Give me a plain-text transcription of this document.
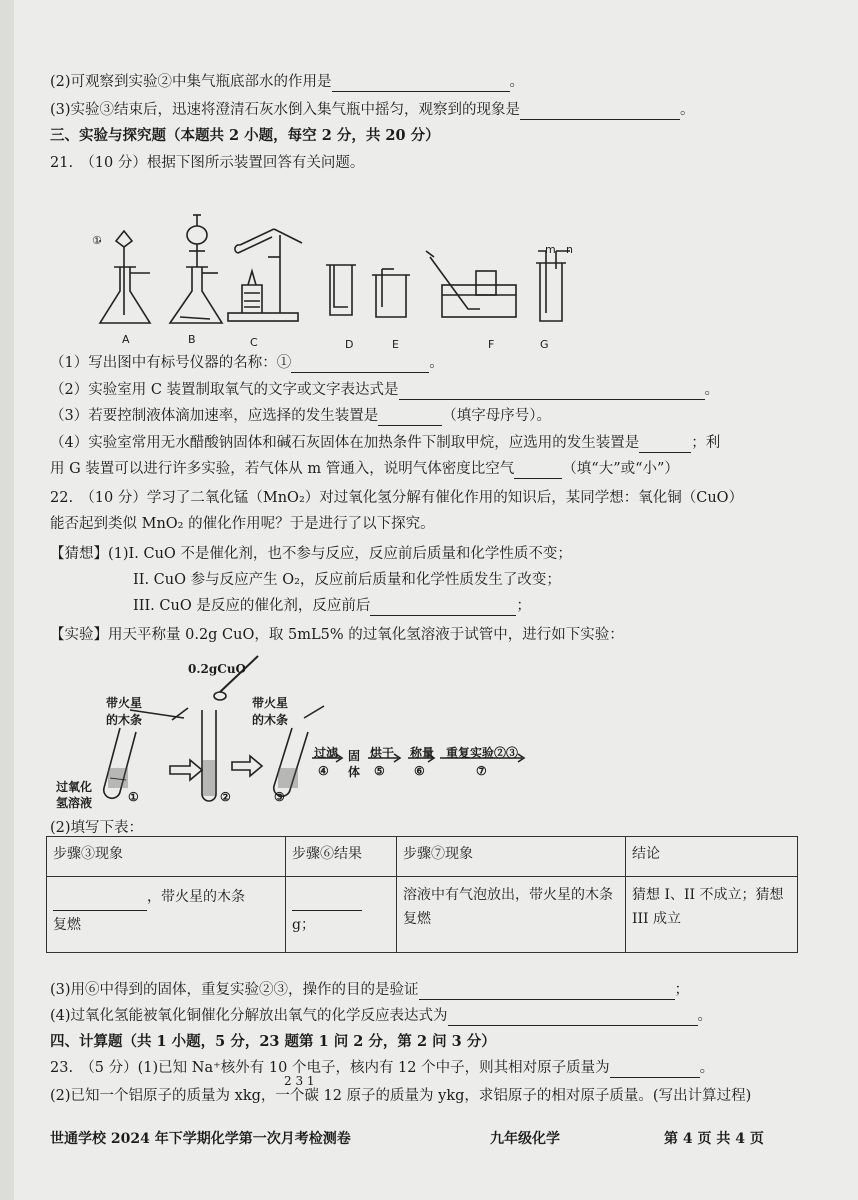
(2)可观察到实验②中集气瓶底部水的作用是	。
(3)实验③结束后，迅速将澄清石灰水倒入集气瓶中摇匀，观察到的现象是	。
三、实验与探究题（本题共 2 小题，每空 2 分，共 20 分）
21.　（10 分）根据下图所示装置回答有关问题。
①
m n
A	B	C	D	E	F	G
（1）写出图中有标号仪器的名称：①	。
（2）实验室用 C 装置制取氧气的文字或文字表达式是	。
（3）若要控制液体滴加速率，应选择的发生装置是	（填字母序号）。
（4）实验室常用无水醋酸钠固体和碱石灰固体在加热条件下制取甲烷，应选用的发生装置是	；利
用 G 装置可以进行许多实验，若气体从 m 管通入，说明气体密度比空气	（填“大”或“小”）
22.　（10 分）学习了二氧化锰（MnO₂）对过氧化氢分解有催化作用的知识后，某同学想：氧化铜（CuO）
能否起到类似 MnO₂ 的催化作用呢？于是进行了以下探究。
【猜想】(1)I. CuO 不是催化剂，也不参与反应，反应前后质量和化学性质不变；
II. CuO 参与反应产生 O₂，反应前后质量和化学性质发生了改变；
III. CuO 是反应的催化剂，反应前后	；
【实验】用天平称量 0.2g CuO，取 5mL5% 的过氧化氢溶液于试管中，进行如下实验：
0.2gCuO
带火星
的木条
带火星
的木条
过氧化
氢溶液	①	②	③
过滤
④
固体
烘干
⑤
称量
⑥
重复实验②③
⑦
(2)填写下表：
步骤③现象	步骤⑥结果	步骤⑦现象	结论
，带火星的木条
复燃	g；	溶液中有气泡放出，带火星的木条复燃	猜想 I、II 不成立；猜想 III 成立
(3)用⑥中得到的固体，重复实验②③，操作的目的是验证	；
(4)过氧化氢能被氧化铜催化分解放出氧气的化学反应表达式为	。
四、计算题（共 1 小题，5 分，23 题第 1 问 2 分，第 2 问 3 分）
23.　（5 分）(1)已知 Na⁺核外有 10 个电子，核内有 12 个中子，则其相对原子质量为	。
2 3 1
(2)已知一个铝原子的质量为 xkg，一个碳 12 原子的质量为 ykg，求铝原子的相对原子质量。(写出计算过程)
世通学校 2024 年下学期化学第一次月考检测卷	九年级化学	第 4 页 共 4 页
